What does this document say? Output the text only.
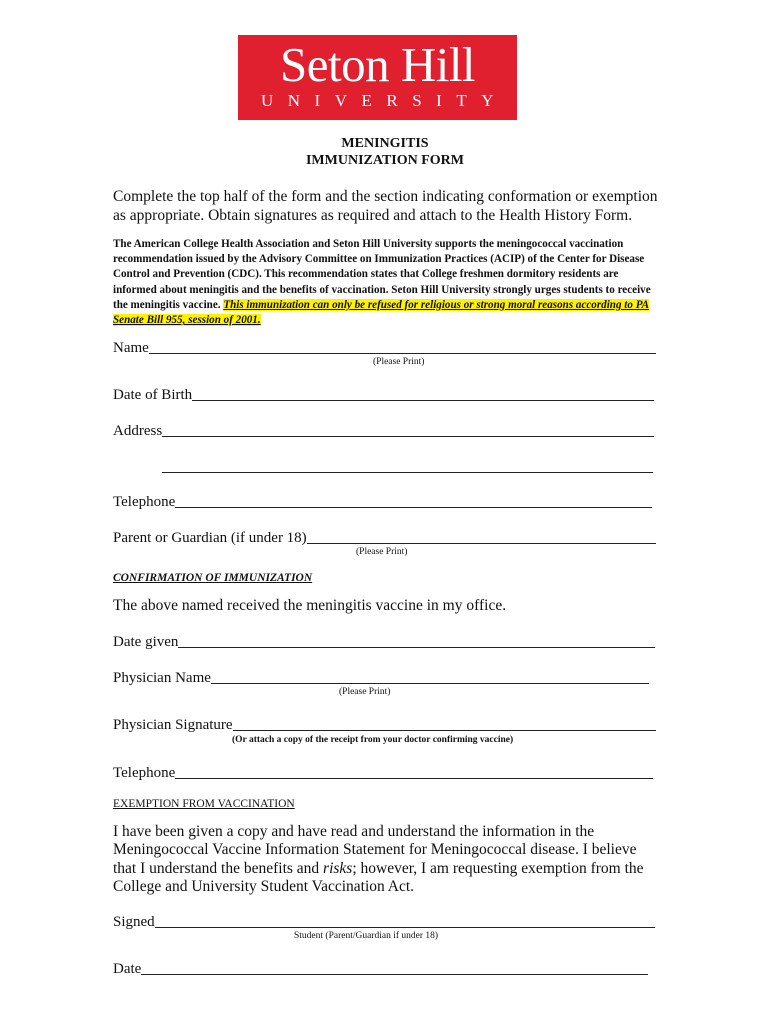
Seton Hill
UNIVERSITY
MENINGITIS
IMMUNIZATION FORM
Complete the top half of the form and the section indicating conformation or exemption as appropriate. Obtain signatures as required and attach to the Health History Form.
The American College Health Association and Seton Hill University supports the meningococcal vaccination recommendation issued by the Advisory Committee on Immunization Practices (ACIP) of the Center for Disease Control and Prevention (CDC). This recommendation states that College freshmen dormitory residents are informed about meningitis and the benefits of vaccination. Seton Hill University strongly urges students to receive the meningitis vaccine. This immunization can only be refused for religious or strong moral reasons according to PA Senate Bill 955, session of 2001.
Name
(Please Print)
Date of Birth
Address
Telephone
Parent or Guardian (if under 18)
(Please Print)
CONFIRMATION OF IMMUNIZATION
The above named received the meningitis vaccine in my office.
Date given
Physician Name
(Please Print)
Physician Signature
(Or attach a copy of the receipt from your doctor confirming vaccine)
Telephone
EXEMPTION FROM VACCINATION
I have been given a copy and have read and understand the information in the Meningococcal Vaccine Information Statement for Meningococcal disease. I believe that I understand the benefits and risks; however, I am requesting exemption from the College and University Student Vaccination Act.
Signed
Student (Parent/Guardian if under 18)
Date
